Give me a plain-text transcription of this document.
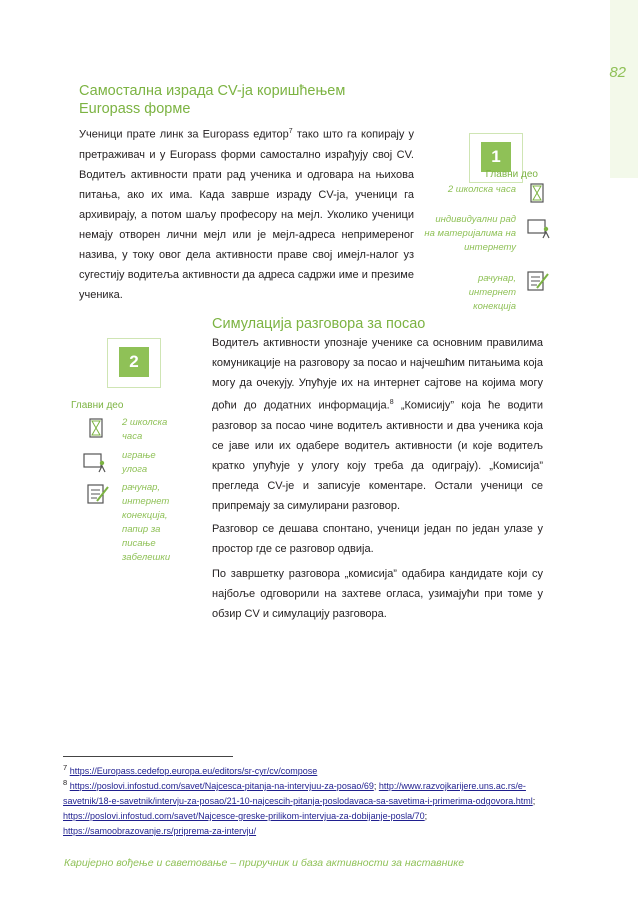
82
Самостална израда CV-ја коришћењем
Europass форме
Ученици прате линк за Europass едитор$^7$ тако што га копирају у претраживач и у Europass форми самостално израђују свој CV. Водитељ активности прати рад ученика и одговара на њихова питања, ако их има. Када заврше израду CV-ја, ученици га архивирају, а потом шаљу професору на мејл. Уколико ученици немају отворен лични мејл или је мејл-адреса непримереног назива, у току овог дела активности праве свој имејл-налог уз сугестију водитеља активности да адреса садржи име и презиме ученика.
1
Главни део
2 школска часа
индивидуални рад на материјалима на интернету
рачунар, интернет конекција
Симулација разговора за посао
2
Главни део
2 школска часа
играње улога
рачунар, интернет конекција, папир за писање забелешки
Водитељ активности упознаје ученике са основним правилима комуникације на разговору за посао и најчешћим питањима која могу да очекују. Упућује их на интернет сајтове на којима могу доћи до додатних информација.$^8$ „Комисију” која ће водити разговор за посао чине водитељ активности и два ученика која се јаве или их одабере водитељ активности (и које водитељ кратко упућује у улогу коју треба да одиграју). „Комисија” прегледа CV-је и записује коментаре. Остали ученици се припремају за симулирани разговор.
Разговор се дешава спонтано, ученици један по један улазе у простор где се разговор одвија.
По завршетку разговора „комисија” одабира кандидате који су најбоље одговорили на захтеве огласа, узимајући при томе у обзир CV и симулацију разговора.
$^7$ https://Europass.cedefop.europa.eu/editors/sr-cyr/cv/compose
$^8$ https://poslovi.infostud.com/savet/Najcesca-pitanja-na-intervjuu-za-posao/69; http://www.razvojkarijere.uns.ac.rs/e-savetnik/18-e-savetnik/intervju-za-posao/21-10-najcescih-pitanja-poslodavaca-sa-savetima-i-primerima-odgovora.html; https://poslovi.infostud.com/savet/Najcesce-greske-prilikom-intervjua-za-dobijanje-posla/70; https://samoobrazovanje.rs/priprema-za-intervju/
Каријерно вођење и саветовање – приручник и база активности за наставнике
